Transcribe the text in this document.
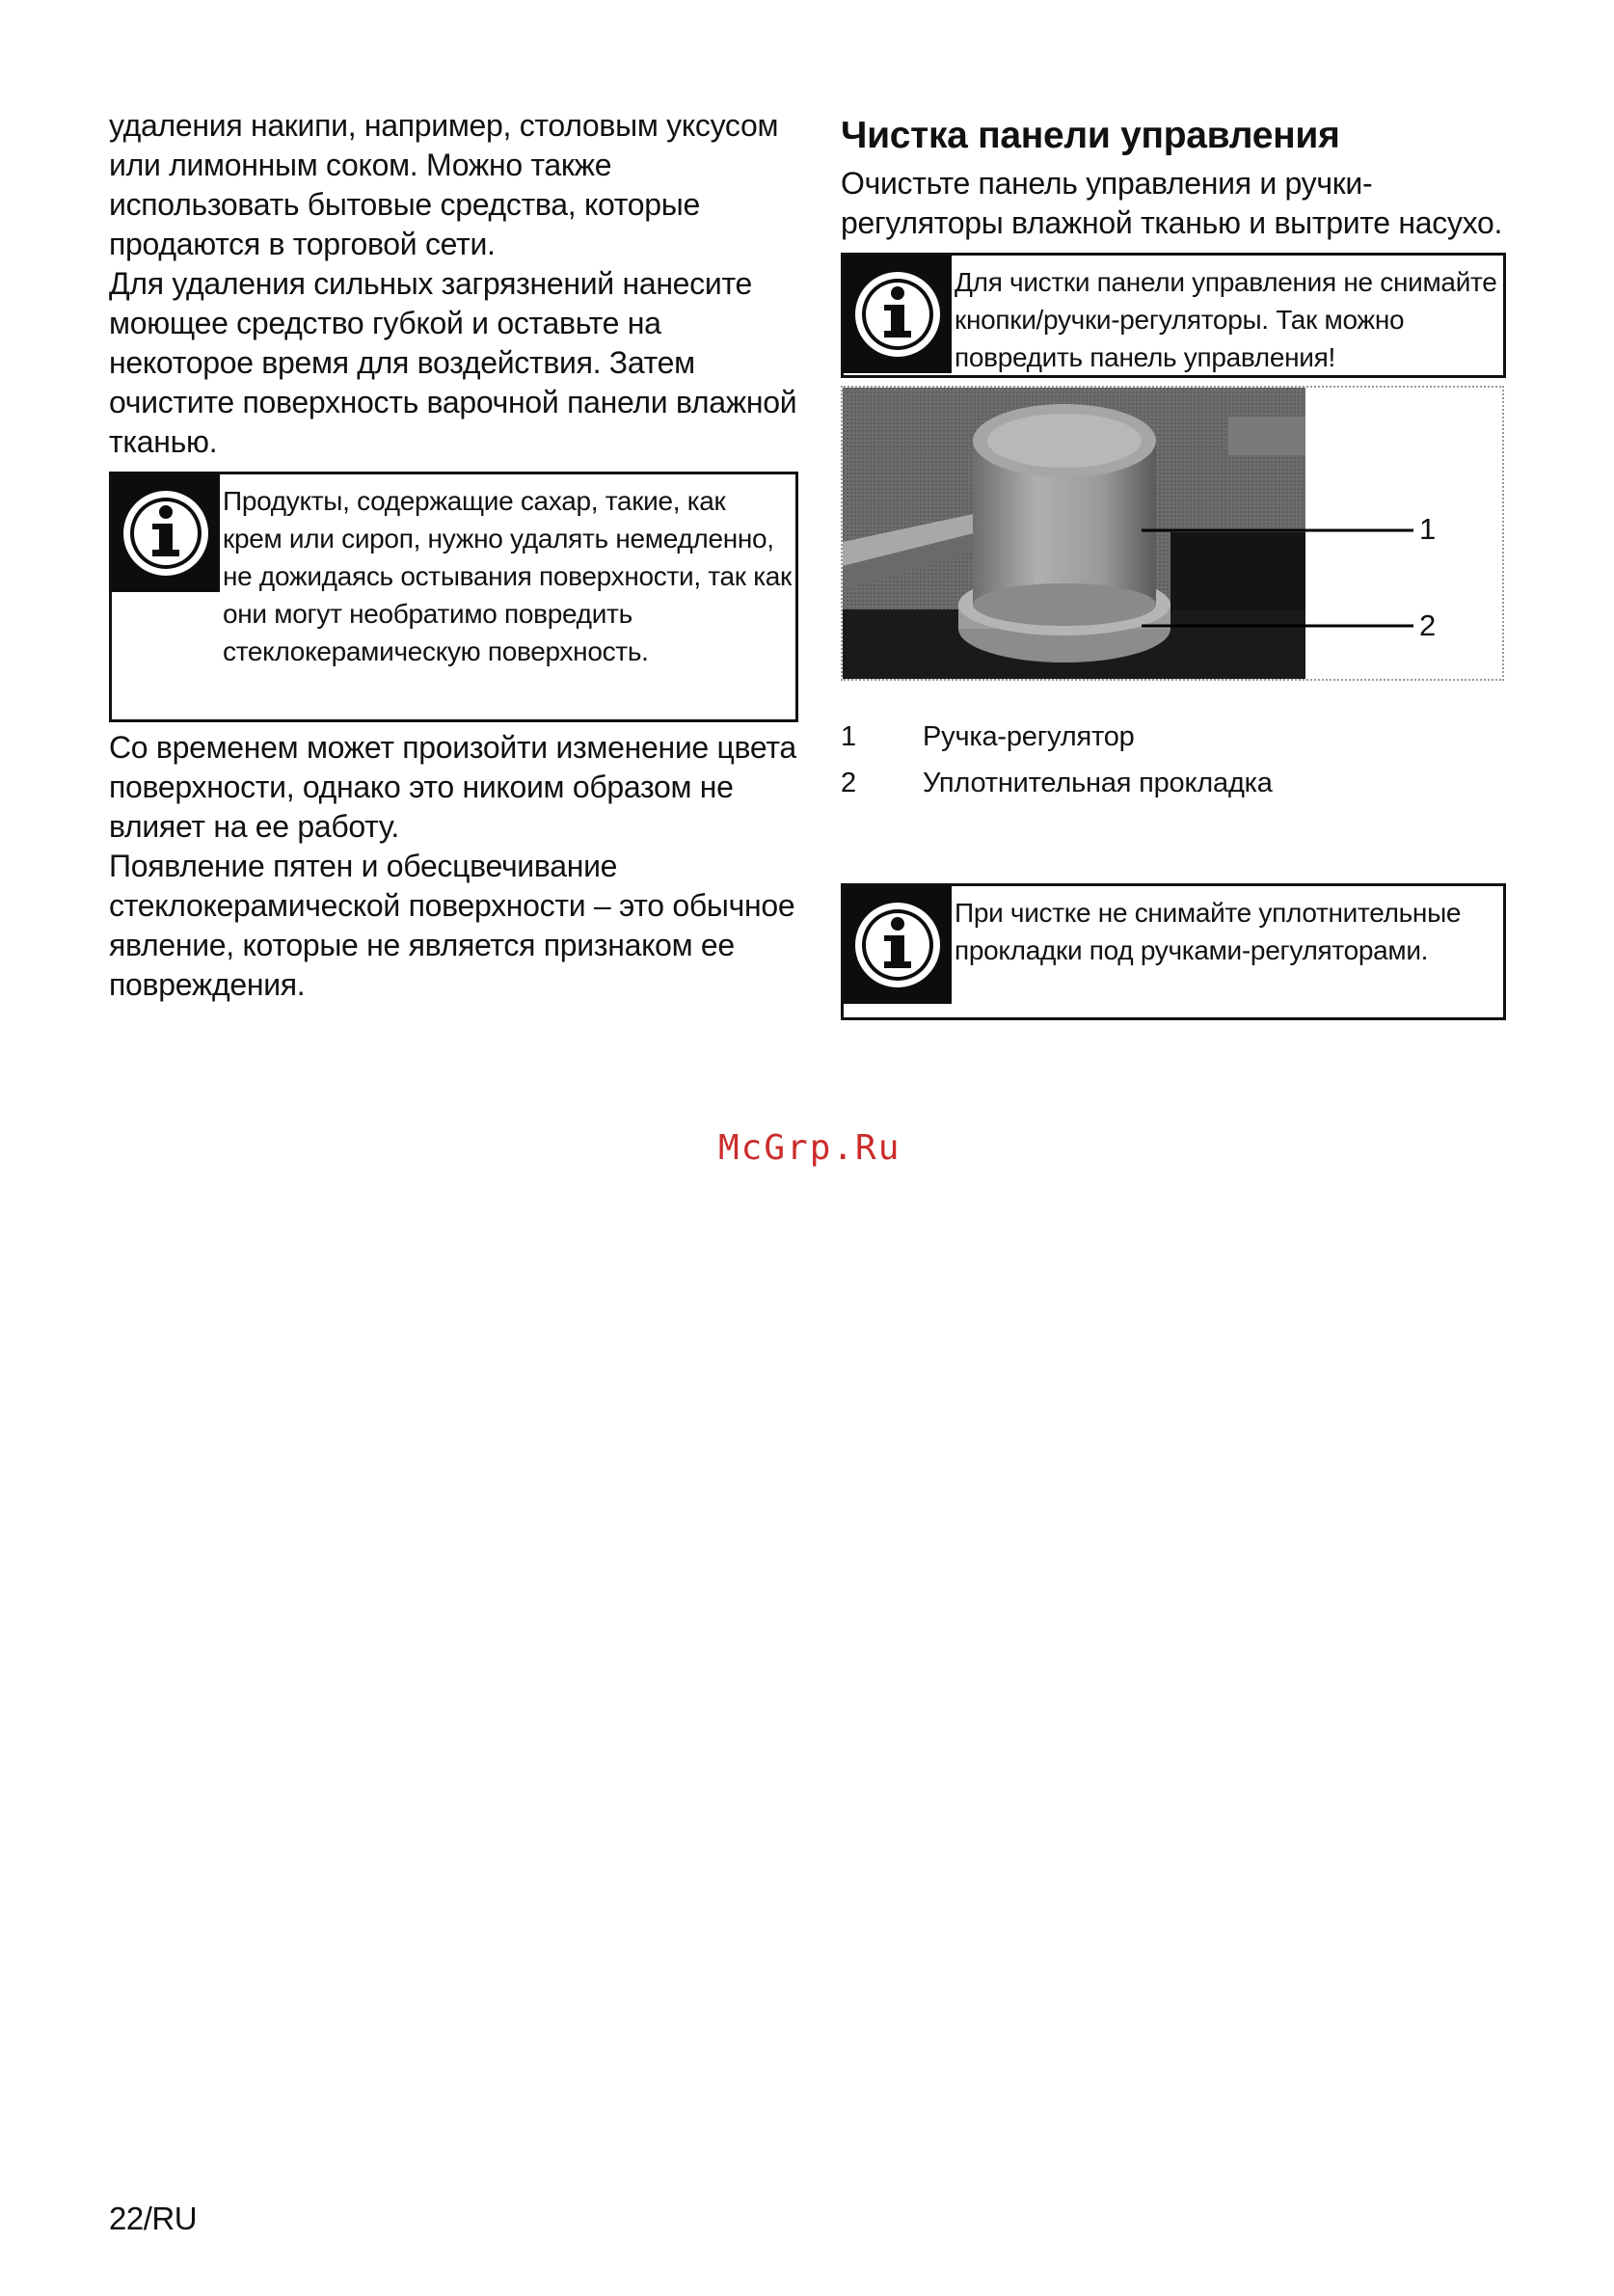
удаления накипи, например, столовым уксусом или лимонным соком. Можно также использовать бытовые средства, которые продаются в торговой сети.

Для удаления сильных загрязнений нанесите моющее средство губкой и оставьте на некоторое время для воздействия. Затем очистите поверхность варочной панели влажной тканью.

Продукты, содержащие сахар, такие, как крем или сироп, нужно удалять немедленно, не дожидаясь остывания поверхности, так как они могут необратимо повредить стеклокерамическую поверхность.

Со временем может произойти изменение цвета поверхности, однако это никоим образом не влияет на ее работу.

Появление пятен и обесцвечивание стеклокерамической поверхности – это обычное явление, которые не является признаком ее повреждения.

Чистка панели управления

Очистьте панель управления и ручки-регуляторы влажной тканью и вытрите насухо.

Для чистки панели управления не снимайте кнопки/ручки-регуляторы. Так можно повредить панель управления!
1
2
1	Ручка-регулятор
2	Уплотнительная прокладка
При чистке не снимайте уплотнительные прокладки под ручками-регуляторами.
McGrp.Ru
22/RU
